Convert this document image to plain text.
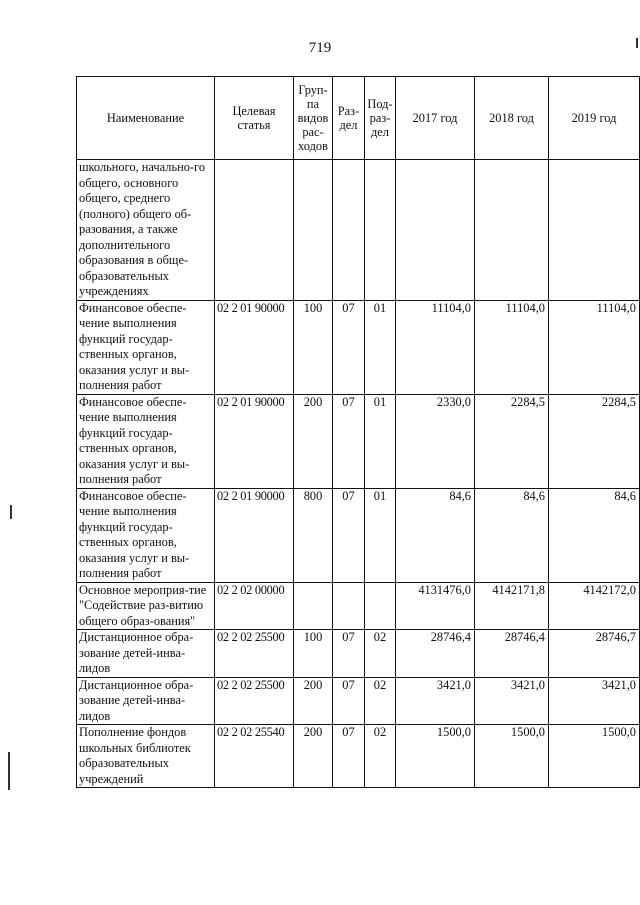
719
Наименование	Целевая статья	Груп-па видов рас-ходов	Раз-дел	Под-раз-дел	2017 год	2018 год	2019 год
школьного, начально-го общего, основного общего, среднего (полного) общего об-разования, а также дополнительного образования в обще-образовательных учреждениях							
Финансовое обеспе-чение выполнения функций государ-ственных органов, оказания услуг и вы-полнения работ	02 2 01 90000	100	07	01	11104,0	11104,0	11104,0
Финансовое обеспе-чение выполнения функций государ-ственных органов, оказания услуг и вы-полнения работ	02 2 01 90000	200	07	01	2330,0	2284,5	2284,5
Финансовое обеспе-чение выполнения функций государ-ственных органов, оказания услуг и вы-полнения работ	02 2 01 90000	800	07	01	84,6	84,6	84,6
Основное мероприя-тие "Содействие раз-витию общего образ-ования"	02 2 02 00000				4131476,0	4142171,8	4142172,0
Дистанционное обра-зование детей-инва-лидов	02 2 02 25500	100	07	02	28746,4	28746,4	28746,7
Дистанционное обра-зование детей-инва-лидов	02 2 02 25500	200	07	02	3421,0	3421,0	3421,0
Пополнение фондов школьных библиотек образовательных учреждений	02 2 02 25540	200	07	02	1500,0	1500,0	1500,0
